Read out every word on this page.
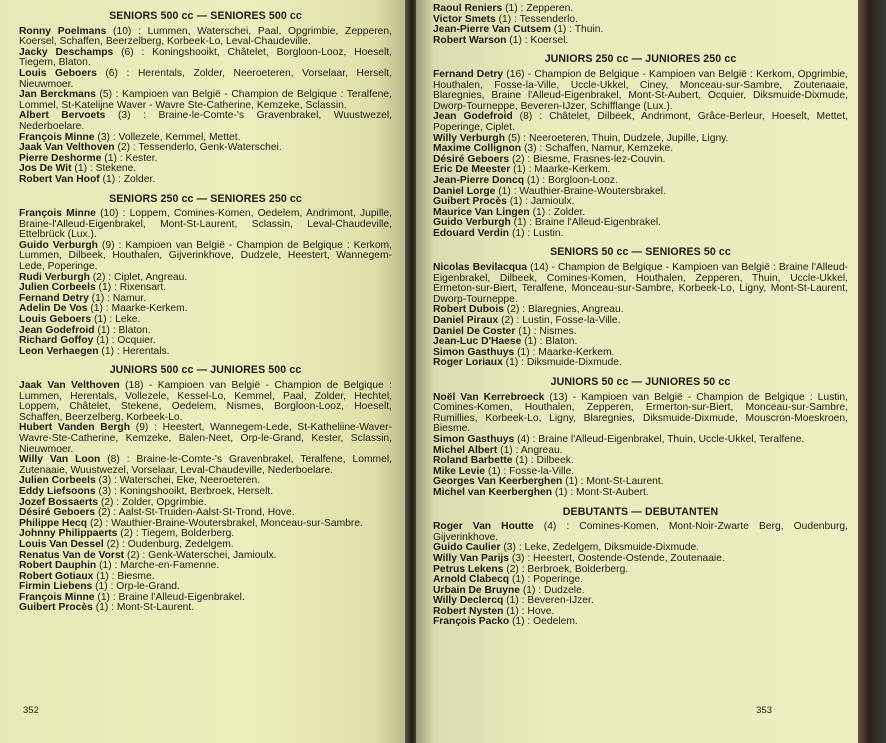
SENIORS 500 cc — SENIORES 500 cc
Ronny Poelmans (10) : Lummen, Waterschei, Paal, Opgrimbie, Zepperen, Koersel, Schaffen, Beerzelberg, Korbeek-Lo, Leval-Chaudeville.
Jacky Deschamps (6) : Koningshooikt, Châtelet, Borgloon-Looz, Hoeselt, Tiegem, Blaton.
Louis Geboers (6) : Herentals, Zolder, Neeroeteren, Vorselaar, Herselt, Nieuwmoer.
Jan Berckmans (5) : Kampioen van België - Champion de Belgique : Teralfene, Lommel, St-Katelijne Waver - Wavre Ste-Catherine, Kemzeke, Sclassin.
Albert Bervoets (3) : Braine-le-Comte-'s Gravenbrakel, Wuustwezel, Nederboelare.
François Minne (3) : Vollezele, Kemmel, Mettet.
Jaak Van Velthoven (2) : Tessenderlo, Genk-Waterschei.
Pierre Deshorme (1) : Kester.
Jos De Wit (1) : Stekene.
Robert Van Hoof (1) : Zolder.
SENIORS 250 cc — SENIORES 250 cc
François Minne (10) : Loppem, Comines-Komen, Oedelem, Andrimont, Jupille, Braine-l'Alleud-Eigenbrakel, Mont-St-Laurent, Sclassin, Leval-Chaudeville, Ettelbrück (Lux.).
Guido Verburgh (9) : Kampioen van België - Champion de Belgique : Kerkom, Lummen, Dilbeek, Houthalen, Gijverinkhove, Dudzele, Heestert, Wannegem-Lede, Poperinge.
Rudi Verburgh (2) : Ciplet, Angreau.
Julien Corbeels (1) : Rixensart.
Fernand Detry (1) : Namur.
Adelin De Vos (1) : Maarke-Kerkem.
Louis Geboers (1) : Leke.
Jean Godefroid (1) : Blaton.
Richard Goffoy (1) : Ocquier.
Leon Verhaegen (1) : Herentals.
JUNIORS 500 cc — JUNIORES 500 cc
Jaak Van Velthoven (18) - Kampioen van België - Champion de Belgique : Lummen, Herentals, Vollezele, Kessel-Lo, Kemmel, Paal, Zolder, Hechtel, Loppem, Châtelet, Stekene, Oedelem, Nismes, Borgloon-Looz, Hoeselt, Schaffen, Beerzelberg, Korbeek-Lo.
Hubert Vanden Bergh (9) : Heestert, Wannegem-Lede, St-Katheliine-Waver-Wavre-Ste-Catherine, Kemzeke, Balen-Neet, Orp-le-Grand, Kester, Sclassin, Nieuwmoer.
Willy Van Loon (8) : Braine-le-Comte-'s Gravenbrakel, Teralfene, Lommel, Zutenaaie, Wuustwezel, Vorselaar, Leval-Chaudeville, Nederboelare.
Julien Corbeels (3) : Waterschei, Eke, Neeroeteren.
Eddy Liefsoons (3) : Koningshooikt, Berbroek, Herselt.
Jozef Bossaerts (2) : Zolder, Opgrimbie.
Désiré Geboers (2) : Aalst-St-Truiden-Aalst-St-Trond, Hove.
Philippe Hecq (2) : Wauthier-Braine-Woutersbrakel, Monceau-sur-Sambre.
Johnny Philippaerts (2) : Tiegem, Bolderberg.
Louis Van Dessel (2) : Oudenburg, Zedelgem.
Renatus Van de Vorst (2) : Genk-Waterschei, Jamioulx.
Robert Dauphin (1) : Marche-en-Famenne.
Robert Gotiaux (1) : Biesme.
Firmin Liebens (1) : Orp-le-Grand.
François Minne (1) : Braine l'Alleud-Eigenbrakel.
Guibert Procès (1) : Mont-St-Laurent.
352
Raoul Reniers (1) : Zepperen.
Victor Smets (1) : Tessenderlo.
Jean-Pierre Van Cutsem (1) : Thuin.
Robert Warson (1) : Koersel.
JUNIORS 250 cc — JUNIORES 250 cc
Fernand Detry (16) - Champion de Belgique - Kampioen van België : Kerkom, Opgrimbie, Houthalen, Fosse-la-Ville, Uccle-Ukkel, Ciney, Monceau-sur-Sambre, Zoutenaaie, Blaregnies, Braine l'Alleud-Eigenbrakel, Mont-St-Aubert, Ocquier, Diksmuide-Dixmude, Dworp-Tourneppe, Beveren-IJzer, Schifflange (Lux.).
Jean Godefroid (8) : Châtelet, Dilbeek, Andrimont, Grâce-Berleur, Hoeselt, Mettet, Poperinge, Ciplet.
Willy Verburgh (5) : Neeroeteren, Thuin, Dudzele, Jupille, Ligny.
Maxime Collignon (3) : Schaffen, Namur, Kemzeke.
Désiré Geboers (2) : Biesme, Frasnes-lez-Couvin.
Eric De Meester (1) : Maarke-Kerkem.
Jean-Pierre Doncq (1) : Borgloon-Looz.
Daniel Lorge (1) : Wauthier-Braine-Woutersbrakel.
Guibert Procès (1) : Jamioulx.
Maurice Van Lingen (1) : Zolder.
Guido Verburgh (1) : Braine l'Alleud-Eigenbrakel.
Edouard Verdin (1) : Lustin.
SENIORS 50 cc — SENIORES 50 cc
Nicolas Bevilacqua (14) - Champion de Belgique - Kampioen van België : Braine l'Alleud-Eigenbrakel, Dilbeek, Comines-Komen, Houthalen, Zepperen, Thuin, Uccle-Ukkel, Ermeton-sur-Biert, Teralfene, Monceau-sur-Sambre, Korbeek-Lo, Ligny, Mont-St-Laurent, Dworp-Tourneppe.
Robert Dubois (2) : Blaregnies, Angreau.
Daniel Piraux (2) : Lustin, Fosse-la-Ville.
Daniel De Coster (1) : Nismes.
Jean-Luc D'Haese (1) : Blaton.
Simon Gasthuys (1) : Maarke-Kerkem.
Roger Loriaux (1) : Diksmuide-Dixmude.
JUNIORS 50 cc — JUNIORES 50 cc
Noël Van Kerrebroeck (13) - Kampioen van België - Champion de Belgique : Lustin, Comines-Komen, Houthalen, Zepperen, Ermerton-sur-Biert, Monceau-sur-Sambre, Rumillies, Korbeek-Lo, Ligny, Blaregnies, Diksmuide-Dixmude, Mouscron-Moeskroen, Biesme.
Simon Gasthuys (4) : Braine l'Alleud-Eigenbrakel, Thuin, Uccle-Ukkel, Teralfene.
Michel Albert (1) : Angreau.
Roland Barbette (1) : Dilbeek.
Mike Levie (1) : Fosse-la-Ville.
Georges Van Keerberghen (1) : Mont-St-Laurent.
Michel van Keerberghen (1) : Mont-St-Aubert.
DEBUTANTS — DEBUTANTEN
Roger Van Houtte (4) : Comines-Komen, Mont-Noir-Zwarte Berg, Oudenburg, Gijverinkhove.
Guido Caulier (3) : Leke, Zedelgem, Diksmuide-Dixmude.
Willy Van Parijs (3) : Heestert, Oostende-Ostende, Zoutenaaie.
Petrus Lekens (2) : Berbroek, Bolderberg.
Arnold Clabecq (1) : Poperinge.
Urbain De Bruyne (1) : Dudzele.
Willy Declercq (1) : Beveren-IJzer.
Robert Nysten (1) : Hove.
François Packo (1) : Oedelem.
353
